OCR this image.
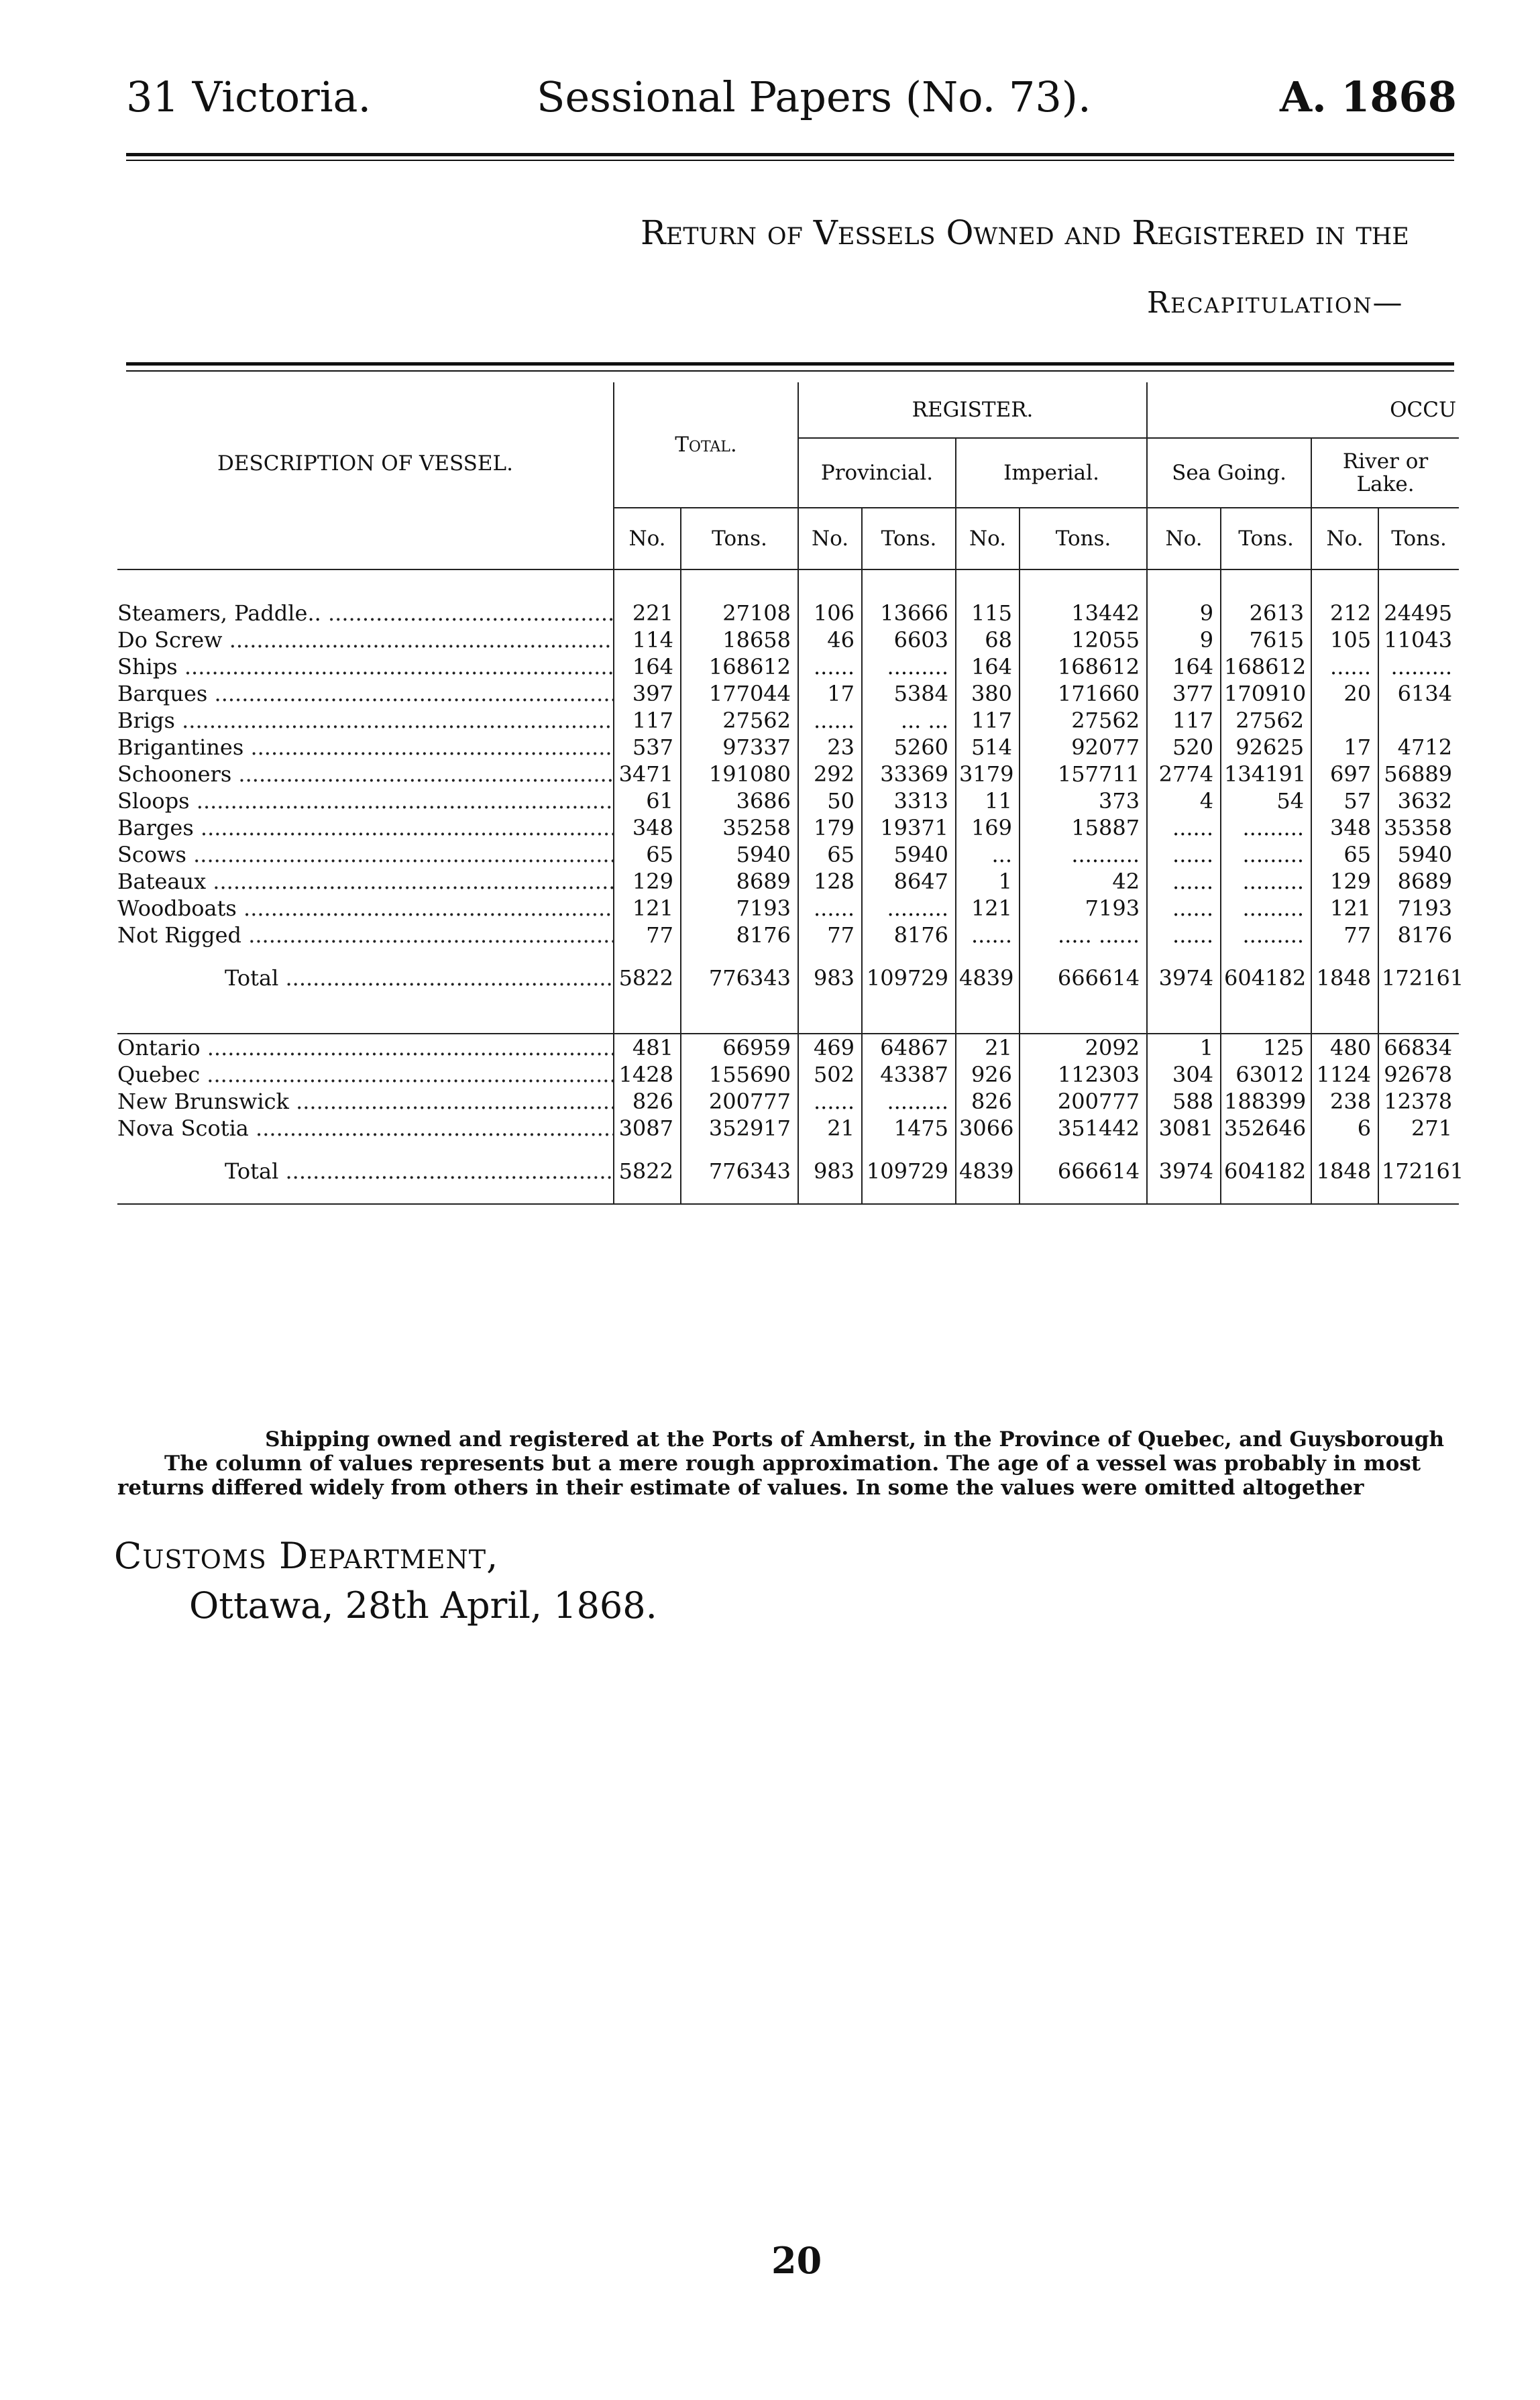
31 Victoria.	Sessional Papers (No. 73).	A. 1868
Return of Vessels Owned and Registered in the
Recapitulation—
DESCRIPTION OF VESSEL.	Total.		REGISTER.				OCCU			
			Provincial.		Imperial.		Sea Going.		River or Lake.	
	No.	Tons.	No.	Tons.	No.	Tons.	No.	Tons.	No.	Tons.

Steamers, Paddle.. .....	221	27108	106	13666	115	13442	9	2613	212	24495
Do Screw .....	114	18658	46	6603	68	12055	9	7615	105	11043
Ships .....	164	168612	......	.........	164	168612	164	168612	......	.........
Barques .....	397	177044	17	5384	380	171660	377	170910	20	6134
Brigs .....	117	27562	......	... ...	117	27562	117	27562		
Brigantines .....	537	97337	23	5260	514	92077	520	92625	17	4712
Schooners .....	3471	191080	292	33369	3179	157711	2774	134191	697	56889
Sloops .....	61	3686	50	3313	11	373	4	54	57	3632
Barges .....	348	35258	179	19371	169	15887	......	.........	348	35358
Scows .....	65	5940	65	5940	...	..........	......	.........	65	5940
Bateaux .....	129	8689	128	8647	1	42	......	.........	129	8689
Woodboats .....	121	7193	......	.........	121	7193	......	.........	121	7193
Not Rigged .....	77	8176	77	8176	......	..... ......	......	.........	77	8176
Total .....	5822	776343	983	109729	4839	666614	3974	604182	1848	172161

Ontario .....	481	66959	469	64867	21	2092	1	125	480	66834
Quebec .....	1428	155690	502	43387	926	112303	304	63012	1124	92678
New Brunswick .....	826	200777	......	.........	826	200777	588	188399	238	12378
Nova Scotia .....	3087	352917	21	1475	3066	351442	3081	352646	6	271
Total .....	5822	776343	983	109729	4839	666614	3974	604182	1848	172161
Shipping owned and registered at the Ports of Amherst, in the Province of Quebec, and Guysborough
The column of values represents but a mere rough approximation. The age of a vessel was probably in most
returns differed widely from others in their estimate of values. In some the values were omitted altogether
Customs Department,
Ottawa, 28th April, 1868.
20
